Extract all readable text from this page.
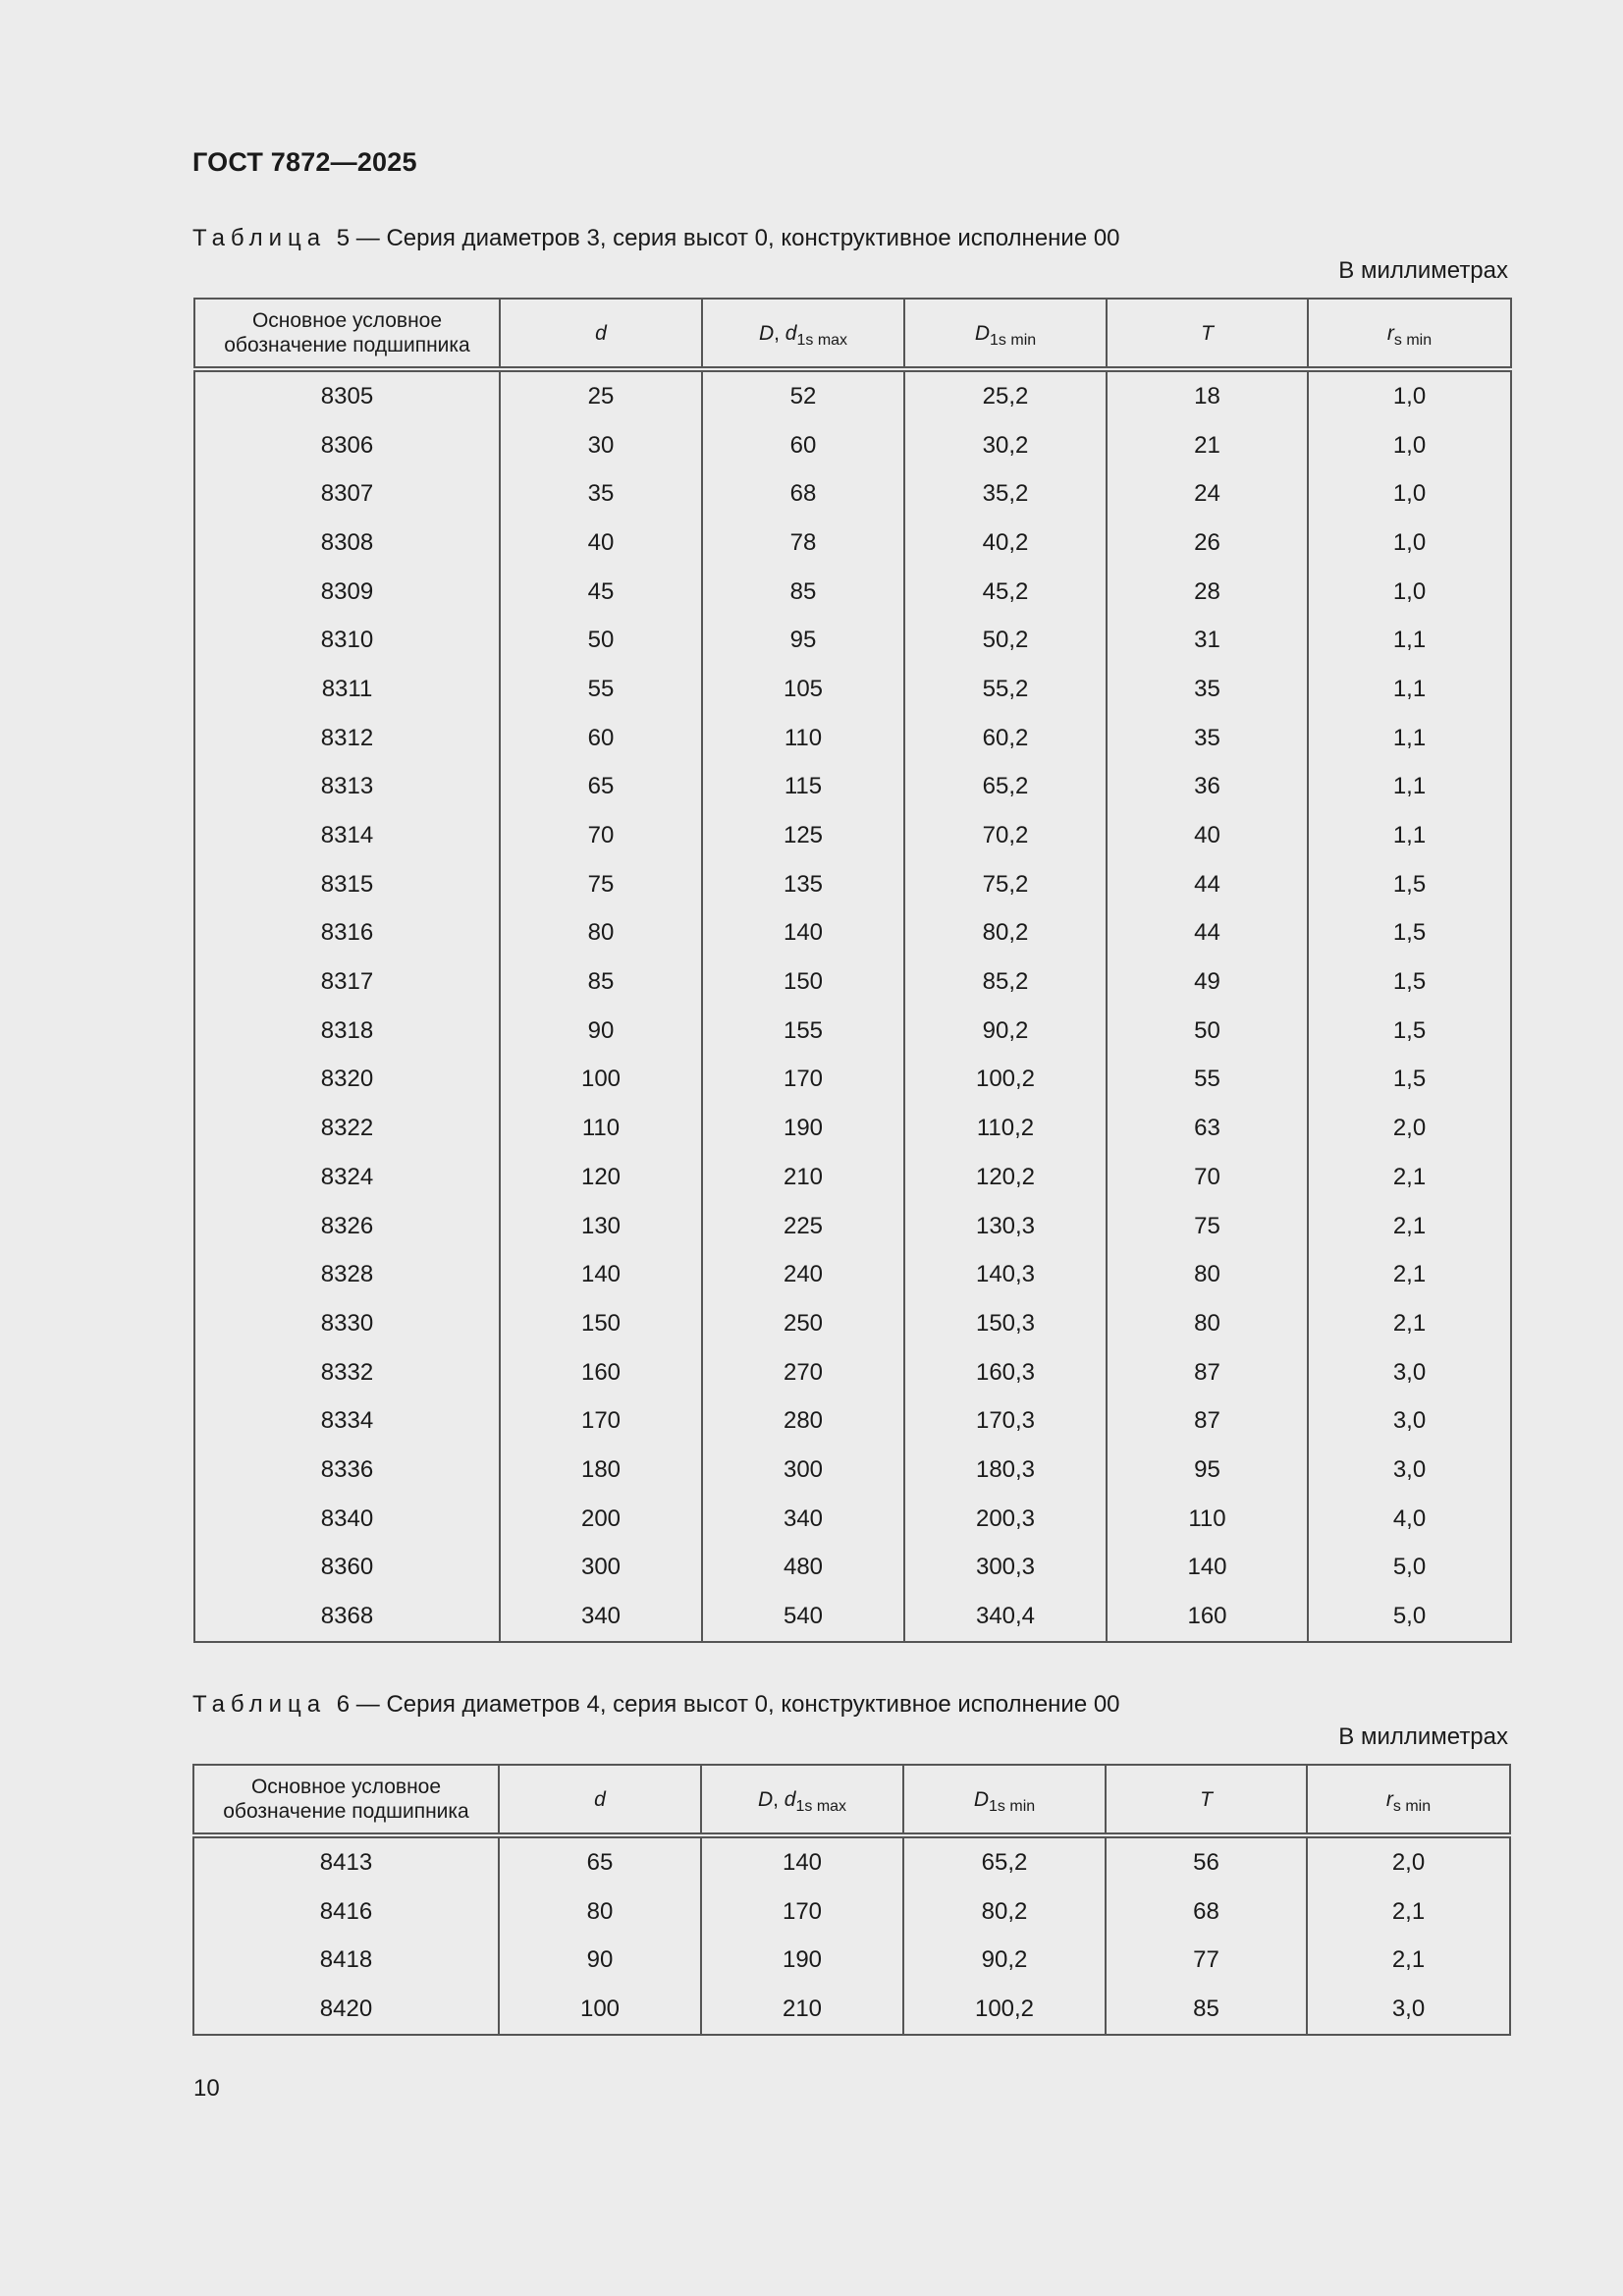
ГОСТ 7872—2025
Таблица 5 — Серия диаметров 3, серия высот 0, конструктивное исполнение 00
В миллиметрах
Основное условное обозначение подшипника	d	D, $d_{1s max}$	$D_{1s min}$	T	$r_{s min}$
8305	25	52	25,2	18	1,0
8306	30	60	30,2	21	1,0
8307	35	68	35,2	24	1,0
8308	40	78	40,2	26	1,0
8309	45	85	45,2	28	1,0
8310	50	95	50,2	31	1,1
8311	55	105	55,2	35	1,1
8312	60	110	60,2	35	1,1
8313	65	115	65,2	36	1,1
8314	70	125	70,2	40	1,1
8315	75	135	75,2	44	1,5
8316	80	140	80,2	44	1,5
8317	85	150	85,2	49	1,5
8318	90	155	90,2	50	1,5
8320	100	170	100,2	55	1,5
8322	110	190	110,2	63	2,0
8324	120	210	120,2	70	2,1
8326	130	225	130,3	75	2,1
8328	140	240	140,3	80	2,1
8330	150	250	150,3	80	2,1
8332	160	270	160,3	87	3,0
8334	170	280	170,3	87	3,0
8336	180	300	180,3	95	3,0
8340	200	340	200,3	110	4,0
8360	300	480	300,3	140	5,0
8368	340	540	340,4	160	5,0
Таблица 6 — Серия диаметров 4, серия высот 0, конструктивное исполнение 00
В миллиметрах
Основное условное обозначение подшипника	d	D, $d_{1s max}$	$D_{1s min}$	T	$r_{s min}$
8413	65	140	65,2	56	2,0
8416	80	170	80,2	68	2,1
8418	90	190	90,2	77	2,1
8420	100	210	100,2	85	3,0
10
